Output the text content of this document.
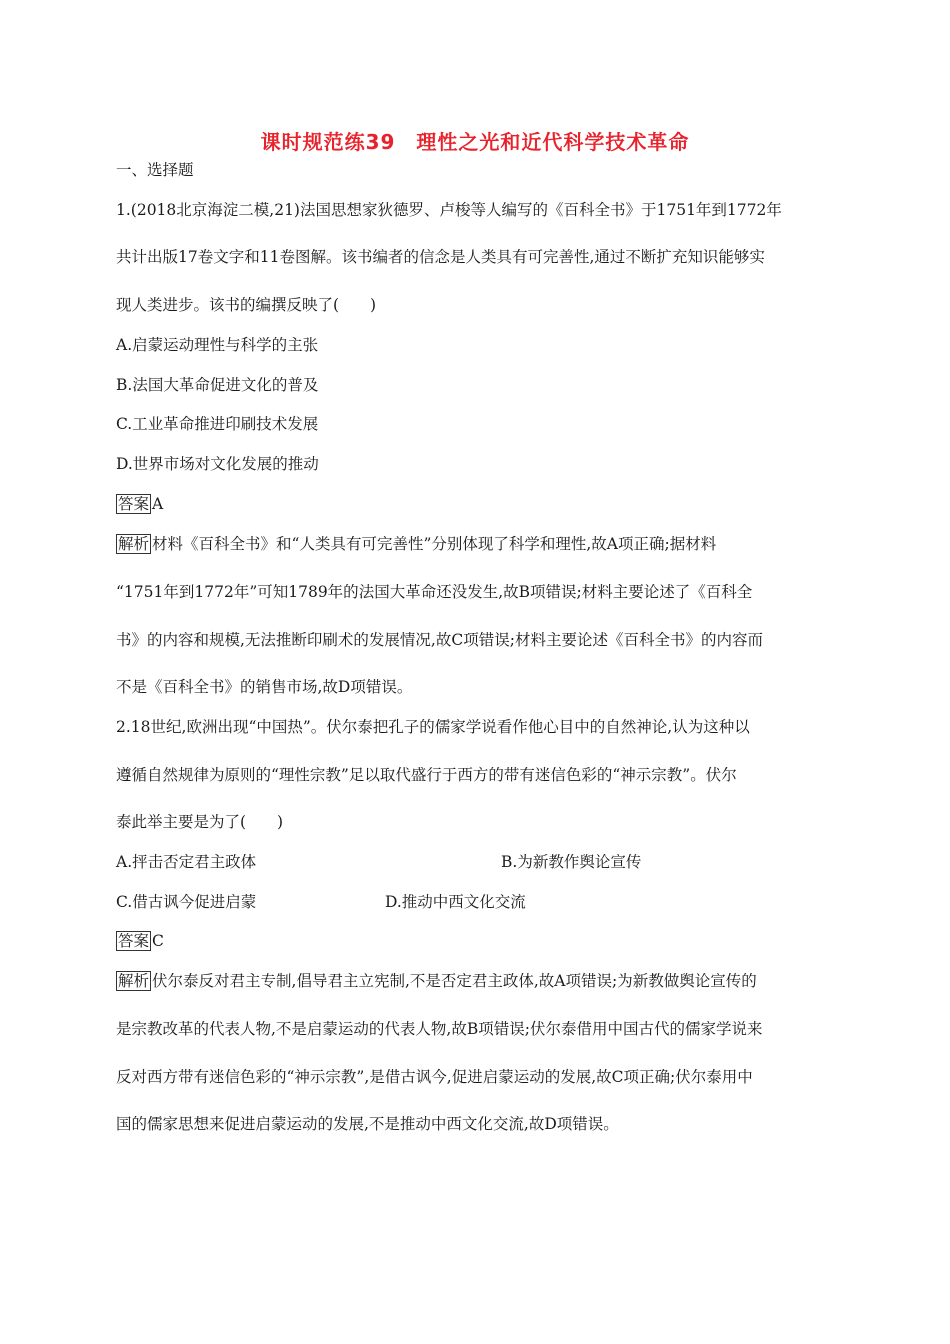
课时规范练39　理性之光和近代科学技术革命
一、选择题
1.(2018北京海淀二模,21)法国思想家狄德罗、卢梭等人编写的《百科全书》于1751年到1772年
共计出版17卷文字和11卷图解。该书编者的信念是人类具有可完善性,通过不断扩充知识能够实
现人类进步。该书的编撰反映了(　　)
A.启蒙运动理性与科学的主张
B.法国大革命促进文化的普及
C.工业革命推进印刷技术发展
D.世界市场对文化发展的推动
答案 A
解析 材料《百科全书》和“人类具有可完善性”分别体现了科学和理性,故A项正确;据材料
“1751年到1772年”可知1789年的法国大革命还没发生,故B项错误;材料主要论述了《百科全
书》的内容和规模,无法推断印刷术的发展情况,故C项错误;材料主要论述《百科全书》的内容而
不是《百科全书》的销售市场,故D项错误。
2.18世纪,欧洲出现“中国热”。伏尔泰把孔子的儒家学说看作他心目中的自然神论,认为这种以
遵循自然规律为原则的“理性宗教”足以取代盛行于西方的带有迷信色彩的“神示宗教”。伏尔
泰此举主要是为了(　　)
A.抨击否定君主政体	B.为新教作舆论宣传
C.借古讽今促进启蒙	D.推动中西文化交流
答案 C
解析 伏尔泰反对君主专制,倡导君主立宪制,不是否定君主政体,故A项错误;为新教做舆论宣传的
是宗教改革的代表人物,不是启蒙运动的代表人物,故B项错误;伏尔泰借用中国古代的儒家学说来
反对西方带有迷信色彩的“神示宗教”,是借古讽今,促进启蒙运动的发展,故C项正确;伏尔泰用中
国的儒家思想来促进启蒙运动的发展,不是推动中西文化交流,故D项错误。
